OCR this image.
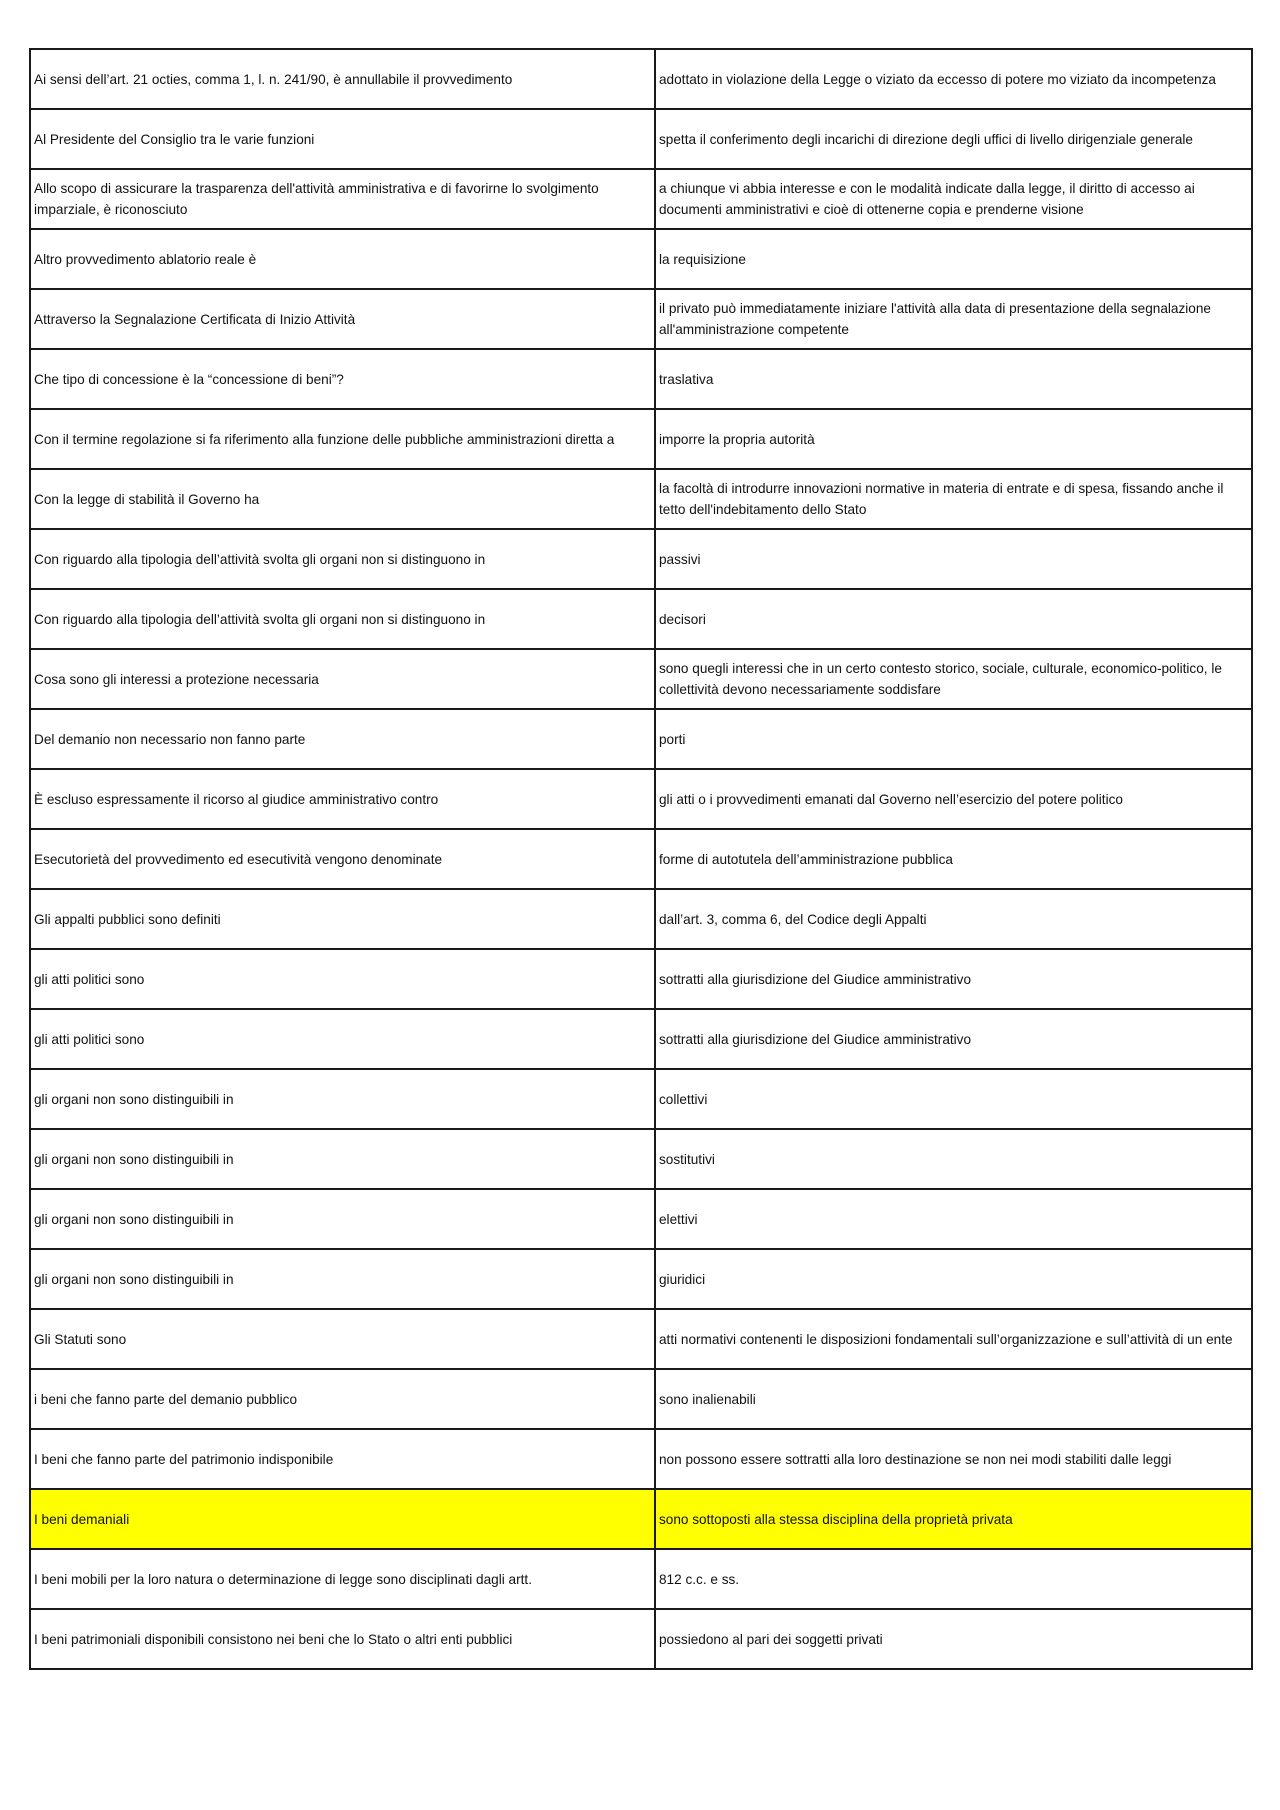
Ai sensi dell’art. 21 octies, comma 1, l. n. 241/90, è annullabile il provvedimento	adottato in violazione della Legge o viziato da eccesso di potere mo viziato da incompetenza
Al Presidente del Consiglio tra le varie funzioni	spetta il conferimento degli incarichi di direzione degli uffici di livello dirigenziale generale
Allo scopo di assicurare la trasparenza dell'attività amministrativa e di favorirne lo svolgimento imparziale, è riconosciuto	a chiunque vi abbia interesse e con le modalità indicate dalla legge, il diritto di accesso ai documenti amministrativi e cioè di ottenerne copia e prenderne visione
Altro provvedimento ablatorio reale è	la requisizione
Attraverso la Segnalazione Certificata di Inizio Attività	il privato può immediatamente iniziare l'attività alla data di presentazione della segnalazione all'amministrazione competente
Che tipo di concessione è la “concessione di beni”?	traslativa
Con il termine regolazione si fa riferimento alla funzione delle pubbliche amministrazioni diretta a	imporre la propria autorità
Con la legge di stabilità il Governo ha	la facoltà di introdurre innovazioni normative in materia di entrate e di spesa, fissando anche il tetto dell'indebitamento dello Stato
Con riguardo alla tipologia dell’attività svolta gli organi non si distinguono in	passivi
Con riguardo alla tipologia dell’attività svolta gli organi non si distinguono in	decisori
Cosa sono gli interessi a protezione necessaria	sono quegli interessi che in un certo contesto storico, sociale, culturale, economico-politico, le collettività devono necessariamente soddisfare
Del demanio non necessario non fanno parte	porti
È escluso espressamente il ricorso al giudice amministrativo contro	gli atti o i provvedimenti emanati dal Governo nell’esercizio del potere politico
Esecutorietà del provvedimento ed esecutività vengono denominate	forme di autotutela dell’amministrazione pubblica
Gli appalti pubblici sono definiti	dall’art. 3, comma 6, del Codice degli Appalti
gli atti politici sono	sottratti alla giurisdizione del Giudice amministrativo
gli atti politici sono	sottratti alla giurisdizione del Giudice amministrativo
gli organi non sono distinguibili in	collettivi
gli organi non sono distinguibili in	sostitutivi
gli organi non sono distinguibili in	elettivi
gli organi non sono distinguibili in	giuridici
Gli Statuti sono	atti normativi contenenti le disposizioni fondamentali sull’organizzazione e sull’attività di un ente
i beni che fanno parte del demanio pubblico	sono inalienabili
I beni che fanno parte del patrimonio indisponibile	non possono essere sottratti alla loro destinazione se non nei modi stabiliti dalle leggi
I beni demaniali	sono sottoposti alla stessa disciplina della proprietà privata
I beni mobili per la loro natura o determinazione di legge sono disciplinati dagli artt.	812 c.c. e ss.
I beni patrimoniali disponibili consistono nei beni che lo Stato o altri enti pubblici	possiedono al pari dei soggetti privati
